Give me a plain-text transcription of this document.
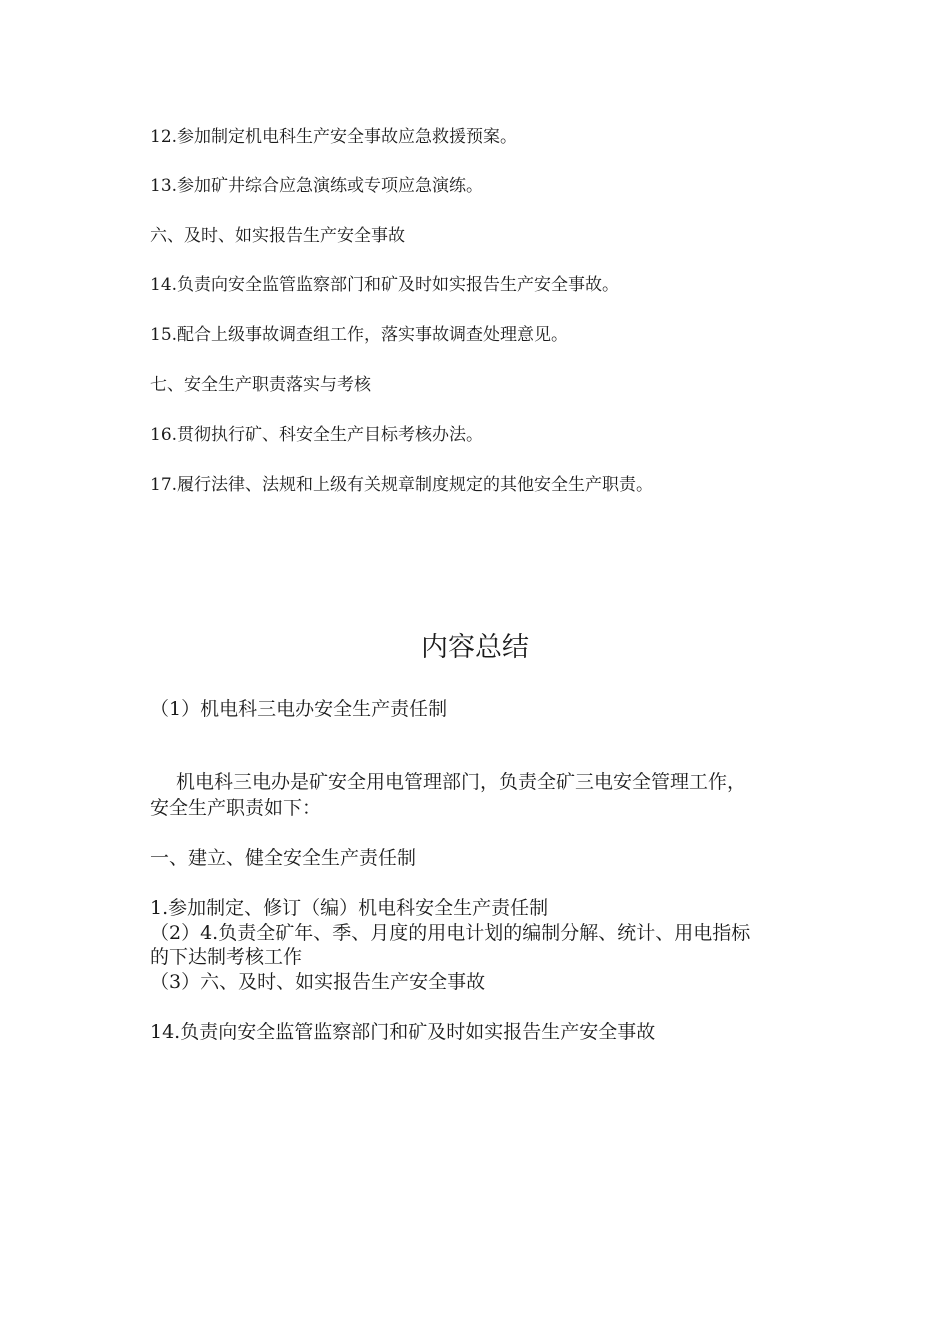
12.参加制定机电科生产安全事故应急救援预案。
13.参加矿井综合应急演练或专项应急演练。
六、及时、如实报告生产安全事故
14.负责向安全监管监察部门和矿及时如实报告生产安全事故。
15.配合上级事故调查组工作，落实事故调查处理意见。
七、安全生产职责落实与考核
16.贯彻执行矿、科安全生产目标考核办法。
17.履行法律、法规和上级有关规章制度规定的其他安全生产职责。
内容总结
（1）机电科三电办安全生产责任制
机电科三电办是矿安全用电管理部门，负责全矿三电安全管理工作，
安全生产职责如下：
一、建立、健全安全生产责任制
1.参加制定、修订（编）机电科安全生产责任制
（2）4.负责全矿年、季、月度的用电计划的编制分解、统计、用电指标
的下达制考核工作
（3）六、及时、如实报告生产安全事故
14.负责向安全监管监察部门和矿及时如实报告生产安全事故
